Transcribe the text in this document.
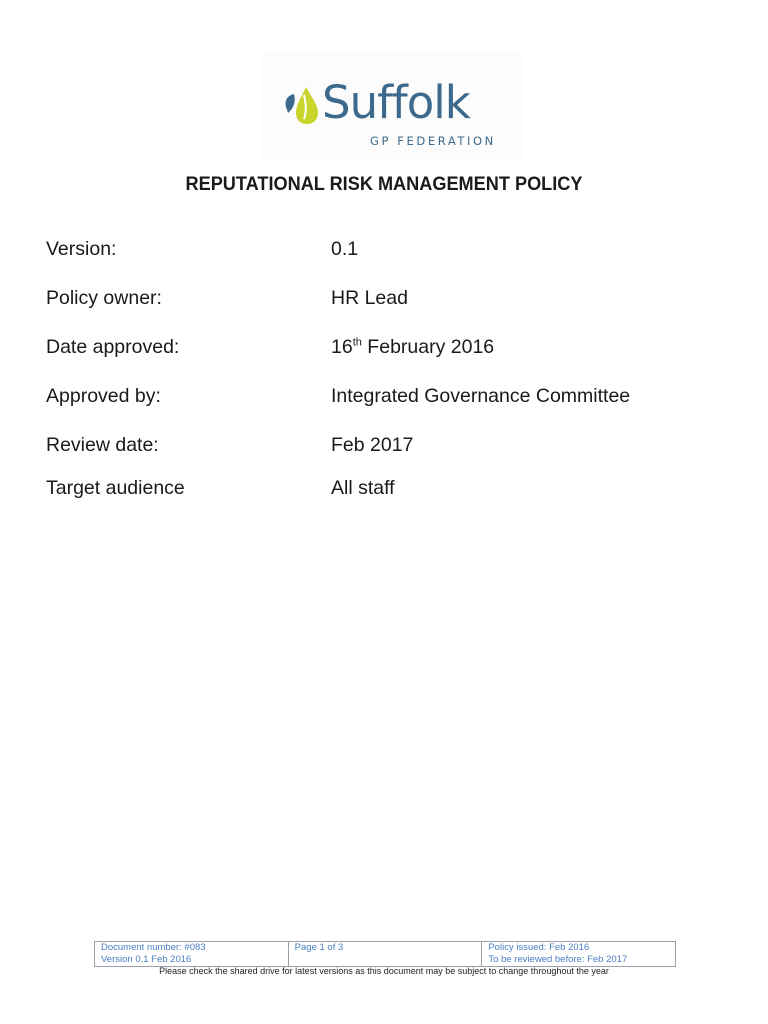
Suffolk
GP FEDERATION
REPUTATIONAL RISK MANAGEMENT POLICY
Version:	0.1
Policy owner:	HR Lead
Date approved:	16th February 2016
Approved by:	Integrated Governance Committee
Review date:	Feb 2017
Target audience	All staff
Document number: #083
Version 0.1 Feb 2016
Page 1 of 3	Policy issued: Feb 2016
To be reviewed before: Feb 2017
Please check the shared drive for latest versions as this document may be subject to change throughout the year
